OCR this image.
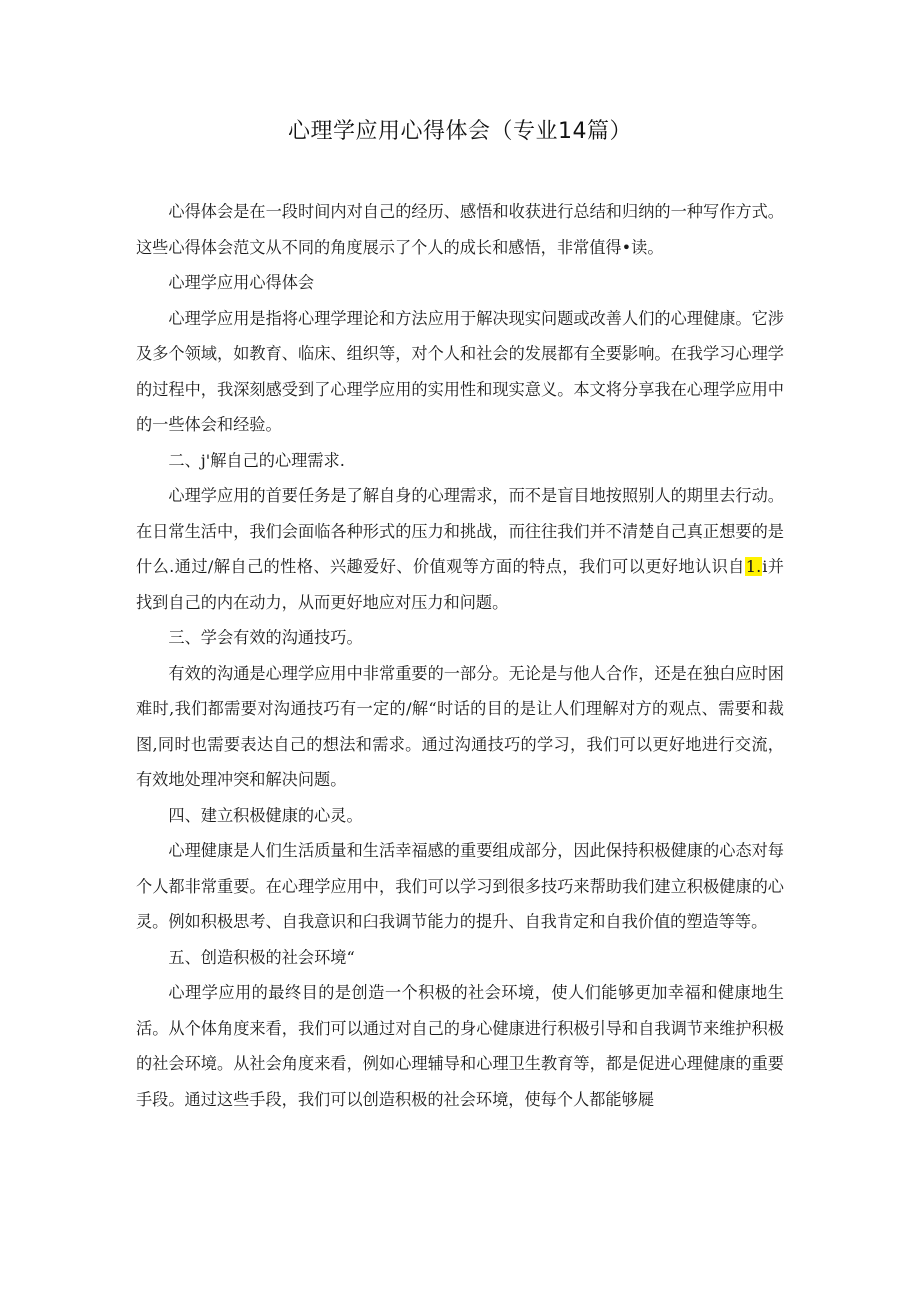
心理学应用心得体会（专业14篇）

心得体会是在一段时间内对自己的经历、感悟和收获进行总结和归纳的一种写作方式。这些心得体会范文从不同的角度展示了个人的成长和感悟，非常值得•读。

心理学应用心得体会

心理学应用是指将心理学理论和方法应用于解决现实问题或改善人们的心理健康。它涉及多个领域，如教育、临床、组织等，对个人和社会的发展都有全要影响。在我学习心理学的过程中，我深刻感受到了心理学应用的实用性和现实意义。本文将分享我在心理学应用中的一些体会和经验。

二、j'解自己的心理需求.

心理学应用的首要任务是了解自身的心理需求，而不是盲目地按照别人的期里去行动。在日常生活中，我们会面临各种形式的压力和挑战，而往往我们并不清楚自己真正想要的是什么.通过/解自己的性格、兴趣爱好、价值观等方面的特点，我们可以更好地认识自1.i并找到自己的内在动力，从而更好地应对压力和问题。

三、学会有效的沟通技巧。

有效的沟通是心理学应用中非常重要的一部分。无论是与他人合作，还是在独白应时困难时,我们都需要对沟通技巧有一定的/解“时话的目的是让人们理解对方的观点、需要和裁图,同时也需要表达自己的想法和需求。通过沟通技巧的学习，我们可以更好地进行交流，有效地处理冲突和解决问题。

四、建立积极健康的心灵。

心理健康是人们生活质量和生活幸福感的重要组成部分，因此保持积极健康的心态对每个人都非常重要。在心理学应用中，我们可以学习到很多技巧来帮助我们建立积极健康的心灵。例如积极思考、自我意识和臼我调节能力的提升、自我肯定和自我价值的塑造等等。

五、创造积极的社会环境“

心理学应用的最终目的是创造一个积极的社会环境，使人们能够更加幸福和健康地生活。从个体角度来看，我们可以通过对自己的身心健康进行积极引导和自我调节来维护积极的社会环境。从社会角度来看，例如心理辅导和心理卫生教育等，都是促进心理健康的重要手段。通过这些手段，我们可以创造积极的社会环境，使每个人都能够屣
